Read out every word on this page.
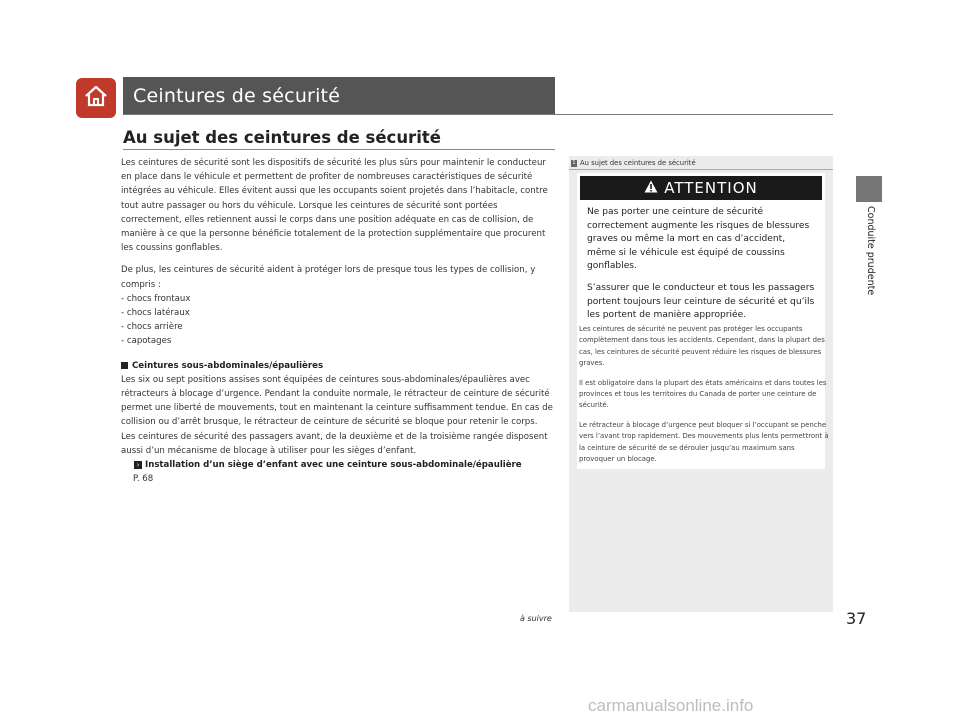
Ceintures de sécurité
Au sujet des ceintures de sécurité

Les ceintures de sécurité sont les dispositifs de sécurité les plus sûrs pour maintenir le conducteur en place dans le véhicule et permettent de profiter de nombreuses caractéristiques de sécurité intégrées au véhicule. Elles évitent aussi que les occupants soient projetés dans l’habitacle, contre tout autre passager ou hors du véhicule. Lorsque les ceintures de sécurité sont portées correctement, elles retiennent aussi le corps dans une position adéquate en cas de collision, de manière à ce que la personne bénéficie totalement de la protection supplémentaire que procurent les coussins gonflables.

De plus, les ceintures de sécurité aident à protéger lors de presque tous les types de collision, y compris :

- chocs frontaux
- chocs latéraux
- chocs arrière
- capotages
Ceintures sous-abdominales/épaulières
Les six ou sept positions assises sont équipées de ceintures sous-abdominales/épaulières avec rétracteurs à blocage d’urgence. Pendant la conduite normale, le rétracteur de ceinture de sécurité permet une liberté de mouvements, tout en maintenant la ceinture suffisamment tendue. En cas de collision ou d’arrêt brusque, le rétracteur de ceinture de sécurité se bloque pour retenir le corps.
Les ceintures de sécurité des passagers avant, de la deuxième et de la troisième rangée disposent aussi d’un mécanisme de blocage à utiliser pour les sièges d’enfant.
› Installation d’un siège d’enfant avec une ceinture sous-abdominale/épaulière
P. 68
1 Au sujet des ceintures de sécurité
ATTENTION

Ne pas porter une ceinture de sécurité correctement augmente les risques de blessures graves ou même la mort en cas d’accident, même si le véhicule est équipé de coussins gonflables.

S’assurer que le conducteur et tous les passagers portent toujours leur ceinture de sécurité et qu’ils les portent de manière appropriée.

Les ceintures de sécurité ne peuvent pas protéger les occupants complètement dans tous les accidents. Cependant, dans la plupart des cas, les ceintures de sécurité peuvent réduire les risques de blessures graves.

Il est obligatoire dans la plupart des états américains et dans toutes les provinces et tous les territoires du Canada de porter une ceinture de sécurité.

Le rétracteur à blocage d’urgence peut bloquer si l’occupant se penche vers l’avant trop rapidement. Des mouvements plus lents permettront à la ceinture de sécurité de se dérouler jusqu’au maximum sans provoquer un blocage.

Conduite prudente
à suivre	37
carmanualsonline.info
